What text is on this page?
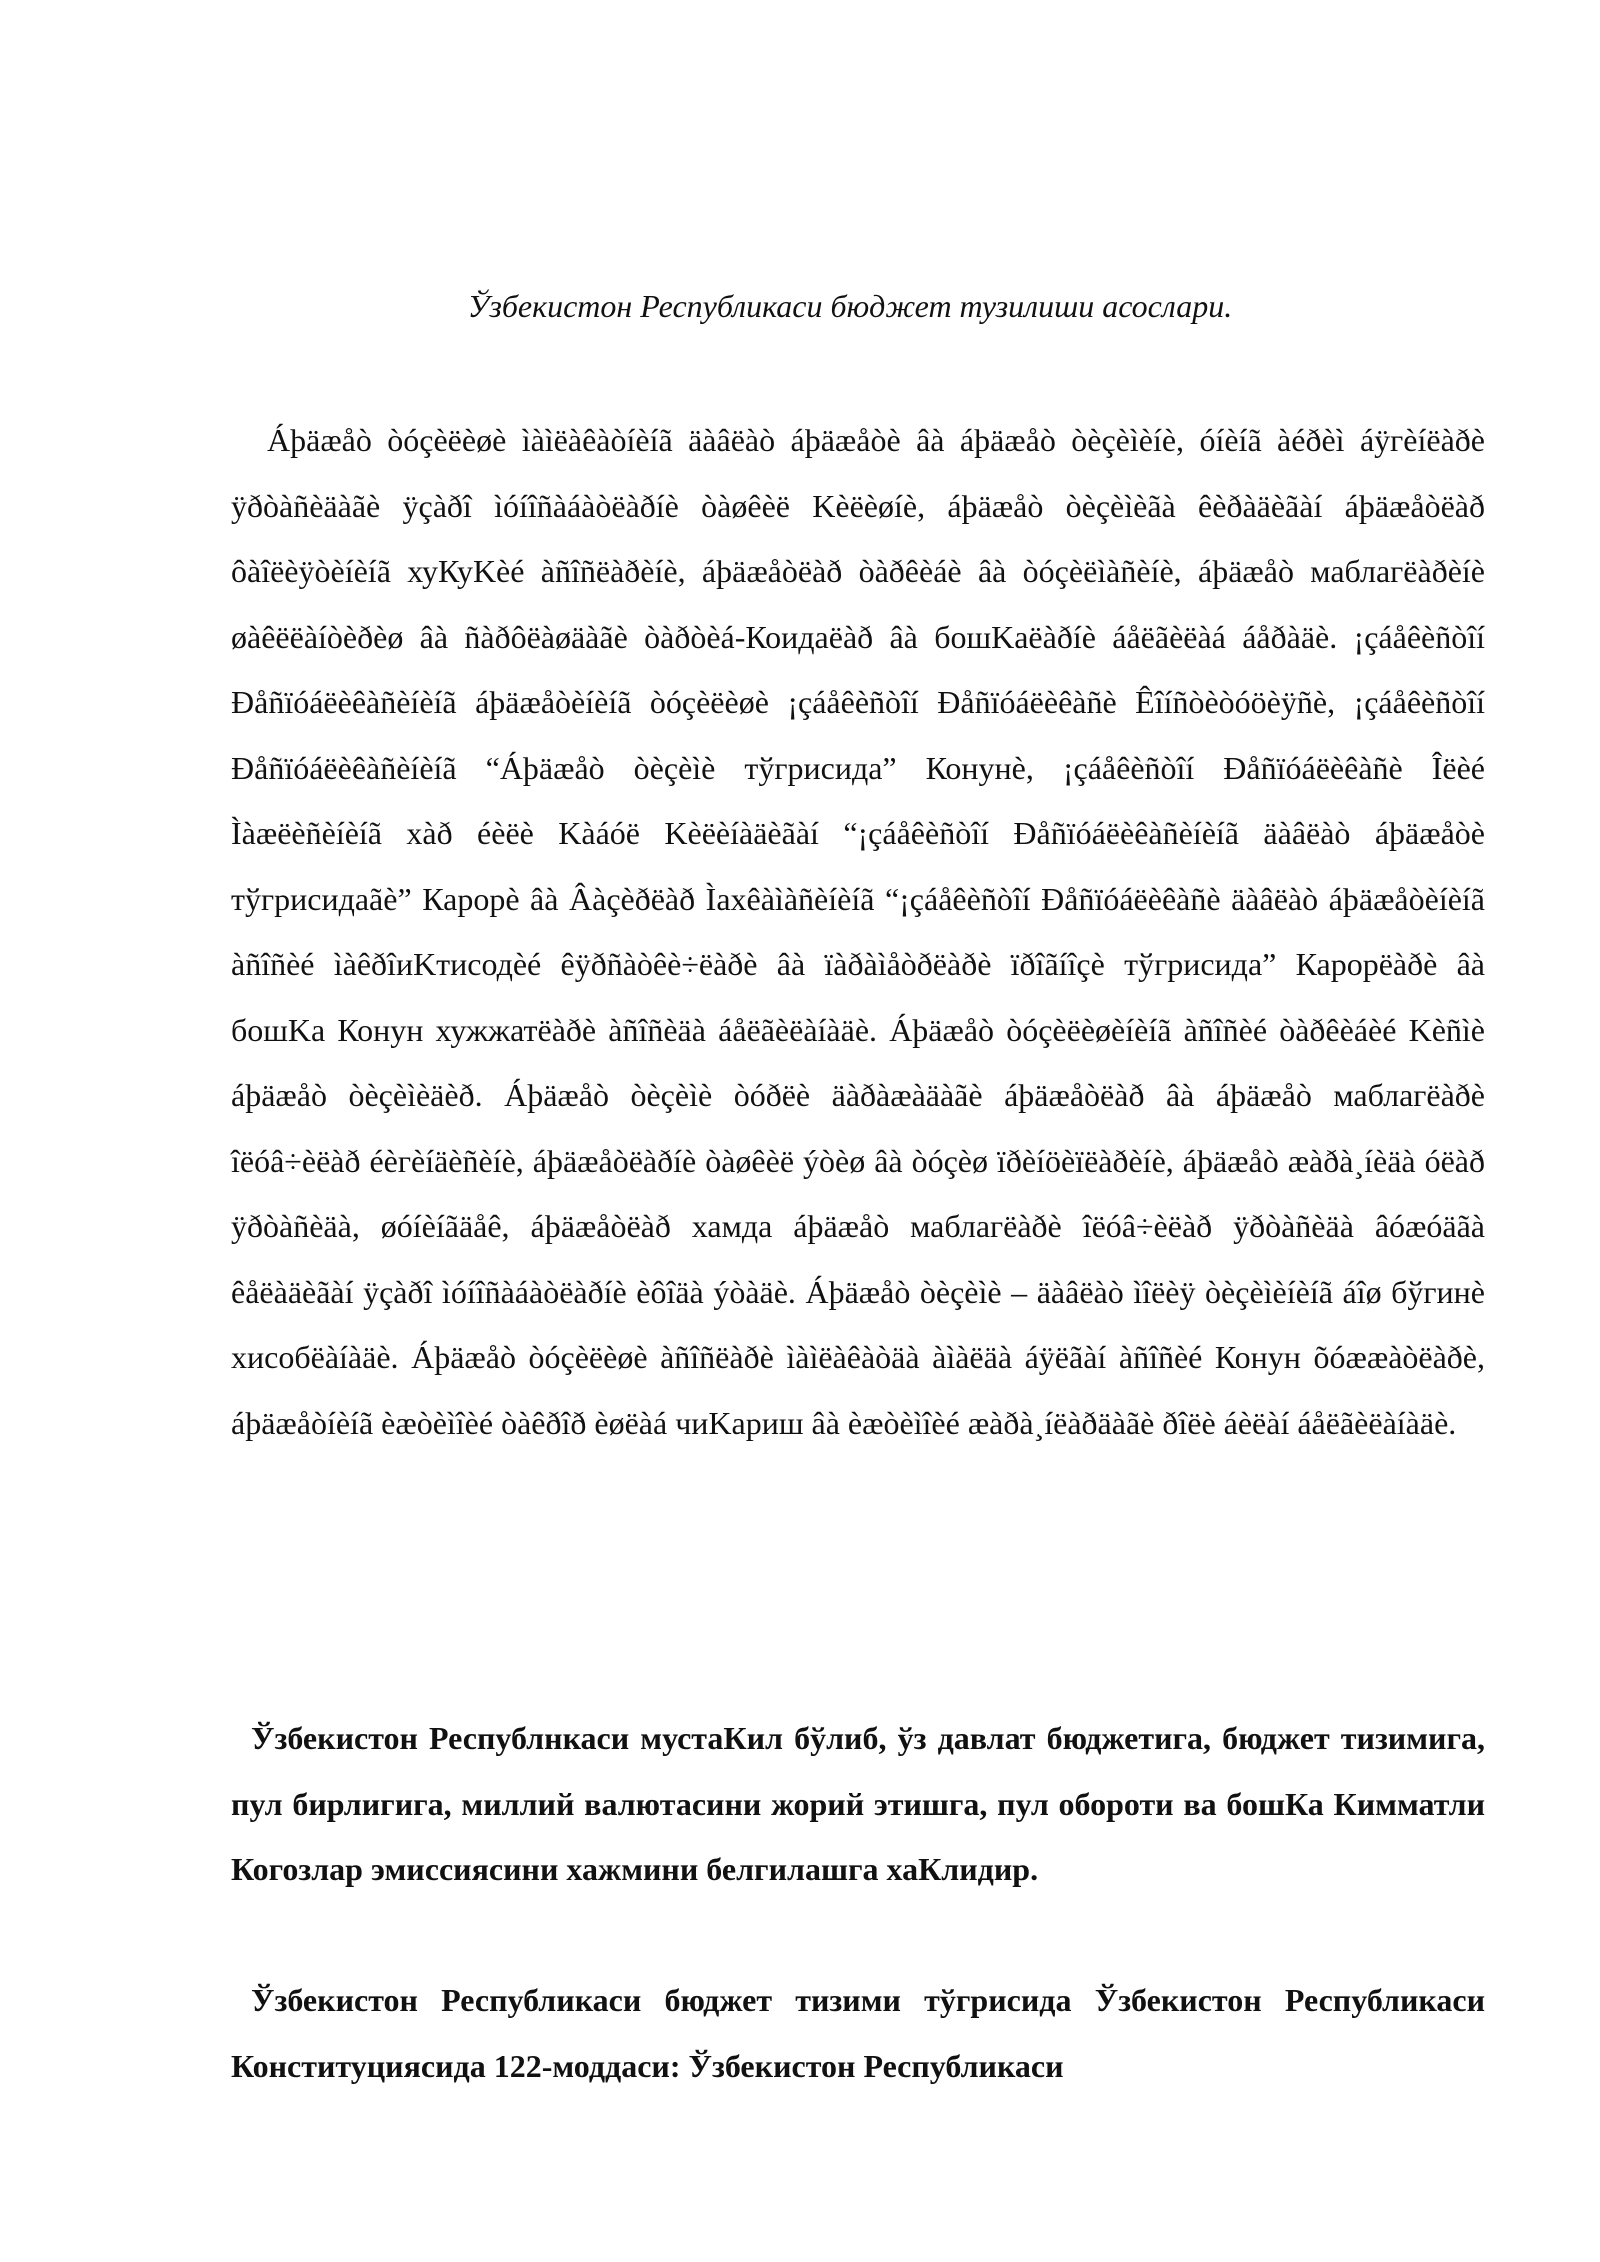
Ўзбекистон Республикаси бюджет тузилиши асослари.
Áþäæåò òóçèëèøè ìàìëàêàòíèíã äàâëàò áþäæåòè âà áþäæåò òèçèìèíè, óíèíã àéðèì áÿгèíëàðè ÿðòàñèäàãè ÿçàðî ìóíîñàáàòëàðíè òàøêèë Kèëèøíè, áþäæåò òèçèìèãà êèðàäèãàí áþäæåòëàð ôàîëèÿòèíèíã хуКуKèé àñîñëàðèíè, áþäæåòëàð òàðêèáè âà òóçèëìàñèíè, áþäæåò маблагëàðèíè øàêëëàíòèðèø âà ñàðôëàøäàãè òàðòèá-Коидаëàð âà бошKаëàðíè áåëãèëàá áåðàäè. ¡çáåêèñòîí Ðåñïóáëèêàñèíèíã áþäæåòèíèíã òóçèëèøè ¡çáåêèñòîí Ðåñïóáëèêàñè Êîíñòèòóöèÿñè, ¡çáåêèñòîí Ðåñïóáëèêàñèíèíã “Áþäæåò òèçèìè тўгрисида” Конунè, ¡çáåêèñòîí Ðåñïóáëèêàñè Îëèé Ìàæëèñèíèíã хàð éèëè Kàáóë Kèëèíàäèãàí “¡çáåêèñòîí Ðåñïóáëèêàñèíèíã äàâëàò áþäæåòè тўгрисидаãè” Карорè âà Âàçèðëàð Ìахêàìàñèíèíã “¡çáåêèñòîí Ðåñïóáëèêàñè äàâëàò áþäæåòèíèíã àñîñèé ìàêðîиKтисодèé êÿðñàòêè÷ëàðè âà ïàðàìåòðëàðè ïðîãíîçè тўгрисида” Карорëàðè âà бошKа Конун хужжатëàðè àñîñèäà áåëãèëàíàäè. Áþäæåò òóçèëèøèíèíã àñîñèé òàðêèáèé Kèñìè áþäæåò òèçèìèäèð. Áþäæåò òèçèìè òóðëè äàðàæàäàãè áþäæåòëàð âà áþäæåò маблагëàðè îëóâ÷èëàð éèгèíäèñèíè, áþäæåòëàðíè òàøêèë ýòèø âà òóçèø ïðèíöèïëàðèíè, áþäæåò æàðà¸íèäà óëàð ÿðòàñèäà, øóíèíãäåê, áþäæåòëàð хамда áþäæåò маблагëàðè îëóâ÷èëàð ÿðòàñèäà âóæóäãà êåëàäèãàí ÿçàðî ìóíîñàáàòëàðíè èôîäà ýòàäè. Áþäæåò òèçèìè – äàâëàò ìîëèÿ òèçèìèíèíã áîø бўгинè хисобëàíàäè. Áþäæåò òóçèëèøè àñîñëàðè ìàìëàêàòäà àìàëäà áÿëãàí àñîñèé Конун õóææàòëàðè, áþäæåòíèíã èæòèìîèé òàêðîð èøëàá чиKариш âà èæòèìîèé æàðà¸íëàðäàãè ðîëè áèëàí áåëãèëàíàäè.
Ўзбекистон Республнкаси мустаКил бўлиб, ўз давлат бюджетига, бюджет тизимига, пул бирлигига, миллий валютасини жорий этишга, пул обороти ва бошКа Кимматли Когозлар эмиссиясини хажмини белгилашга хаКлидир.
Ўзбекистон Республикаси бюджет тизими тўгрисида Ўзбекистон Республикаси Конституциясида 122-моддаси: Ўзбекистон Республикаси
